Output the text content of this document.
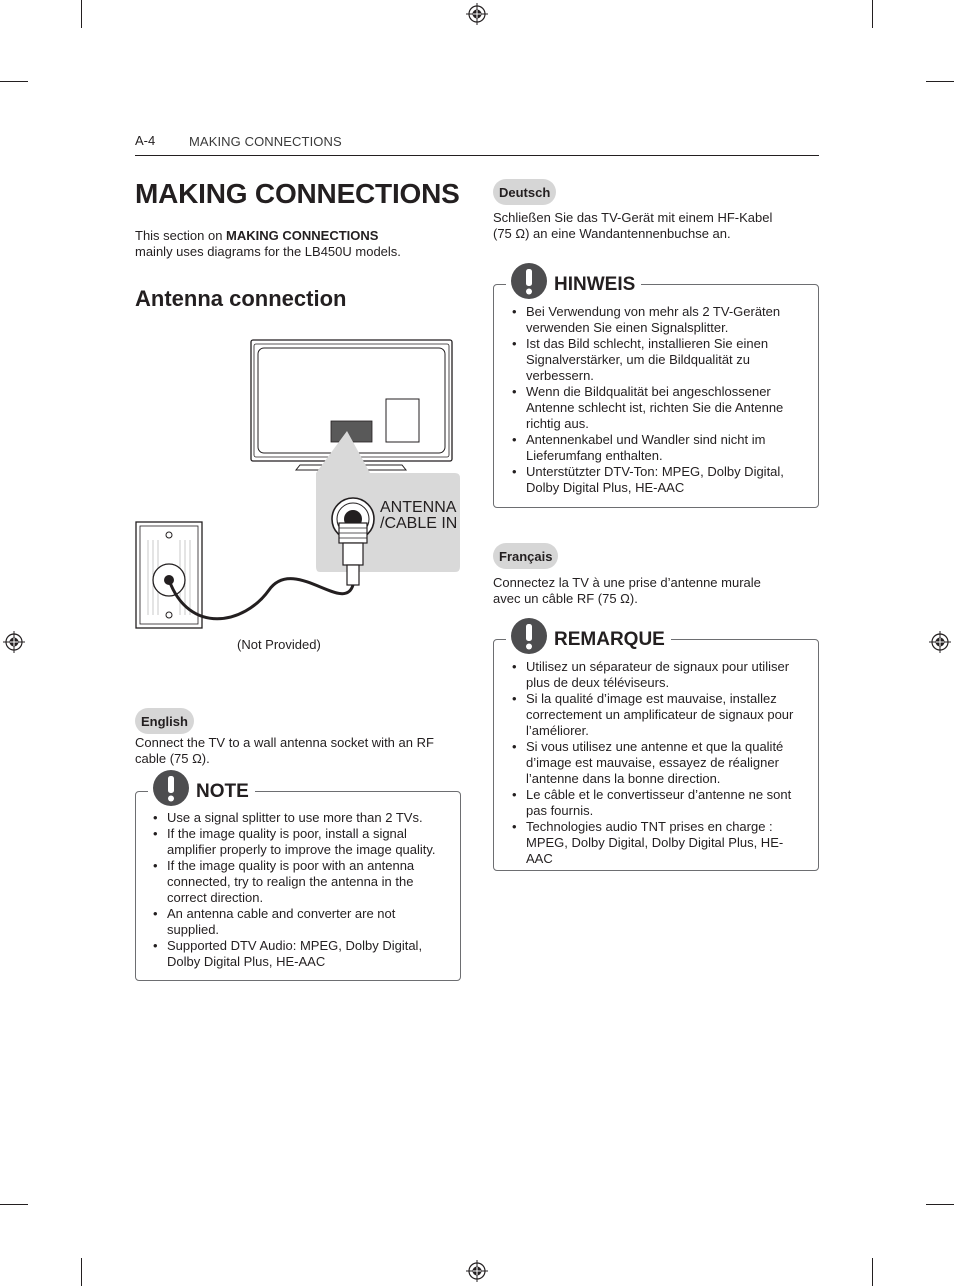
A-4	MAKING CONNECTIONS
MAKING CONNECTIONS
This section on MAKING CONNECTIONS
mainly uses diagrams for the LB450U models.
Antenna connection
ANTENNA
/CABLE IN
(Not Provided)
English
Connect the TV to a wall antenna socket with an RF cable (75 Ω).
NOTE
• Use a signal splitter to use more than 2 TVs.
• If the image quality is poor, install a signal amplifier properly to improve the image quality.
• If the image quality is poor with an antenna connected, try to realign the antenna in the correct direction.
• An antenna cable and converter are not supplied.
• Supported DTV Audio: MPEG, Dolby Digital, Dolby Digital Plus, HE-AAC
Deutsch
Schließen Sie das TV-Gerät mit einem HF-Kabel (75 Ω) an eine Wandantennenbuchse an.
HINWEIS
• Bei Verwendung von mehr als 2 TV-Geräten verwenden Sie einen Signalsplitter.
• Ist das Bild schlecht, installieren Sie einen Signalverstärker, um die Bildqualität zu verbessern.
• Wenn die Bildqualität bei angeschlossener Antenne schlecht ist, richten Sie die Antenne richtig aus.
• Antennenkabel und Wandler sind nicht im Lieferumfang enthalten.
• Unterstützter DTV-Ton: MPEG, Dolby Digital, Dolby Digital Plus, HE-AAC
Français
Connectez la TV à une prise d’antenne murale avec un câble RF (75 Ω).
REMARQUE
• Utilisez un séparateur de signaux pour utiliser plus de deux téléviseurs.
• Si la qualité d’image est mauvaise, installez correctement un amplificateur de signaux pour l’améliorer.
• Si vous utilisez une antenne et que la qualité d’image est mauvaise, essayez de réaligner l’antenne dans la bonne direction.
• Le câble et le convertisseur d’antenne ne sont pas fournis.
• Technologies audio TNT prises en charge : MPEG, Dolby Digital, Dolby Digital Plus, HE-AAC
